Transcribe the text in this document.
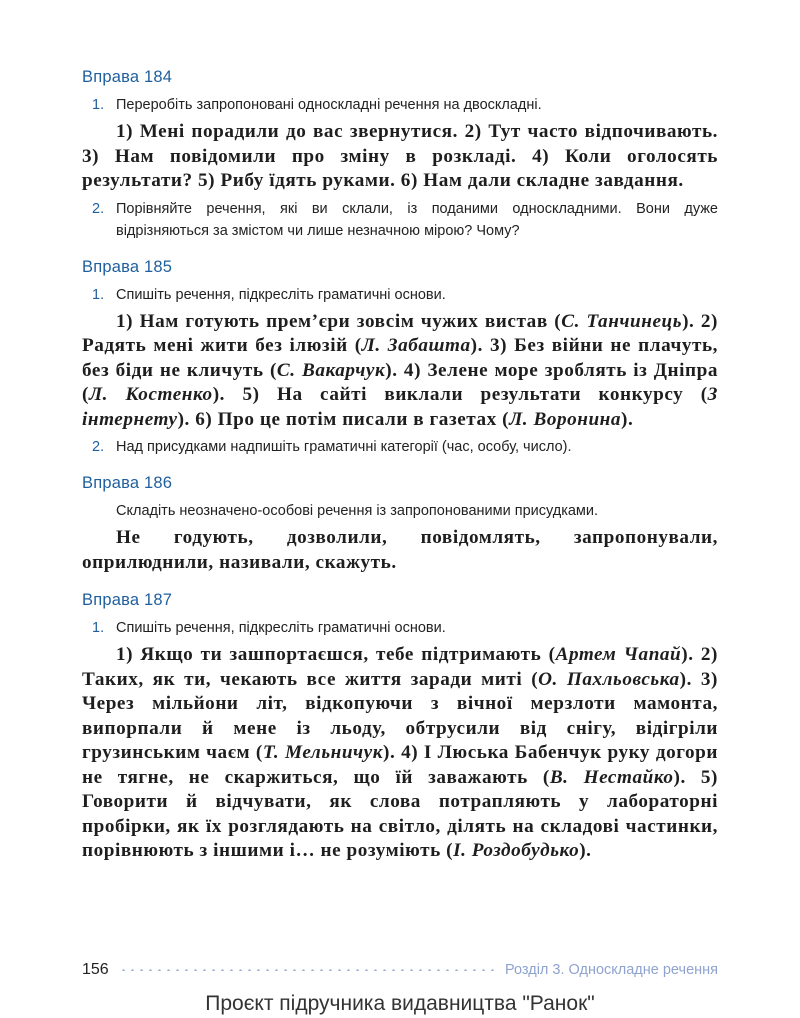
Вправа 184
1. Переробіть запропоновані односкладні речення на двоскладні.

1) Мені порадили до вас звернутися. 2) Тут часто відпочивають. 3) Нам повідомили про зміну в розкладі. 4) Коли оголосять результати? 5) Рибу їдять руками. 6) Нам дали складне завдання.

2. Порівняйте речення, які ви склали, із поданими односкладними. Вони дуже відрізняються за змістом чи лише незначною мірою? Чому?
Вправа 185
1. Спишіть речення, підкресліть граматичні основи.

1) Нам готують прем’єри зовсім чужих вистав (С. Танчинець). 2) Радять мені жити без ілюзій (Л. Забашта). 3) Без війни не плачуть, без біди не кличуть (С. Вакарчук). 4) Зелене море зроблять із Дніпра (Л. Костенко). 5) На сайті виклали результати конкурсу (З інтернету). 6) Про це потім писали в газетах (Л. Воронина).

2. Над присудками надпишіть граматичні категорії (час, особу, число).
Вправа 186
Складіть неозначено-особові речення із запропонованими присудками.

Не годують, дозволили, повідомлять, запропонували, оприлюднили, називали, скажуть.

Вправа 187
1. Спишіть речення, підкресліть граматичні основи.

1) Якщо ти зашпортаєшся, тебе підтримають (Артем Чапай). 2) Таких, як ти, чекають все життя заради миті (О. Пахльовська). 3) Через мільйони літ, відкопуючи з вічної мерзлоти мамонта, випорпали й мене із льоду, обтрусили від снігу, відігріли грузинським чаєм (Т. Мельничук). 4) І Люська Бабенчук руку догори не тягне, не скаржиться, що їй заважають (В. Нестайко). 5) Говорити й відчувати, як слова потрапляють у лабораторні пробірки, як їх розглядають на світло, ділять на складові частинки, порівнюють з іншими і… не розуміють (І. Роздобудько).

156	Розділ 3. Односкладне речення
Проєкт підручника видавництва "Ранок"
